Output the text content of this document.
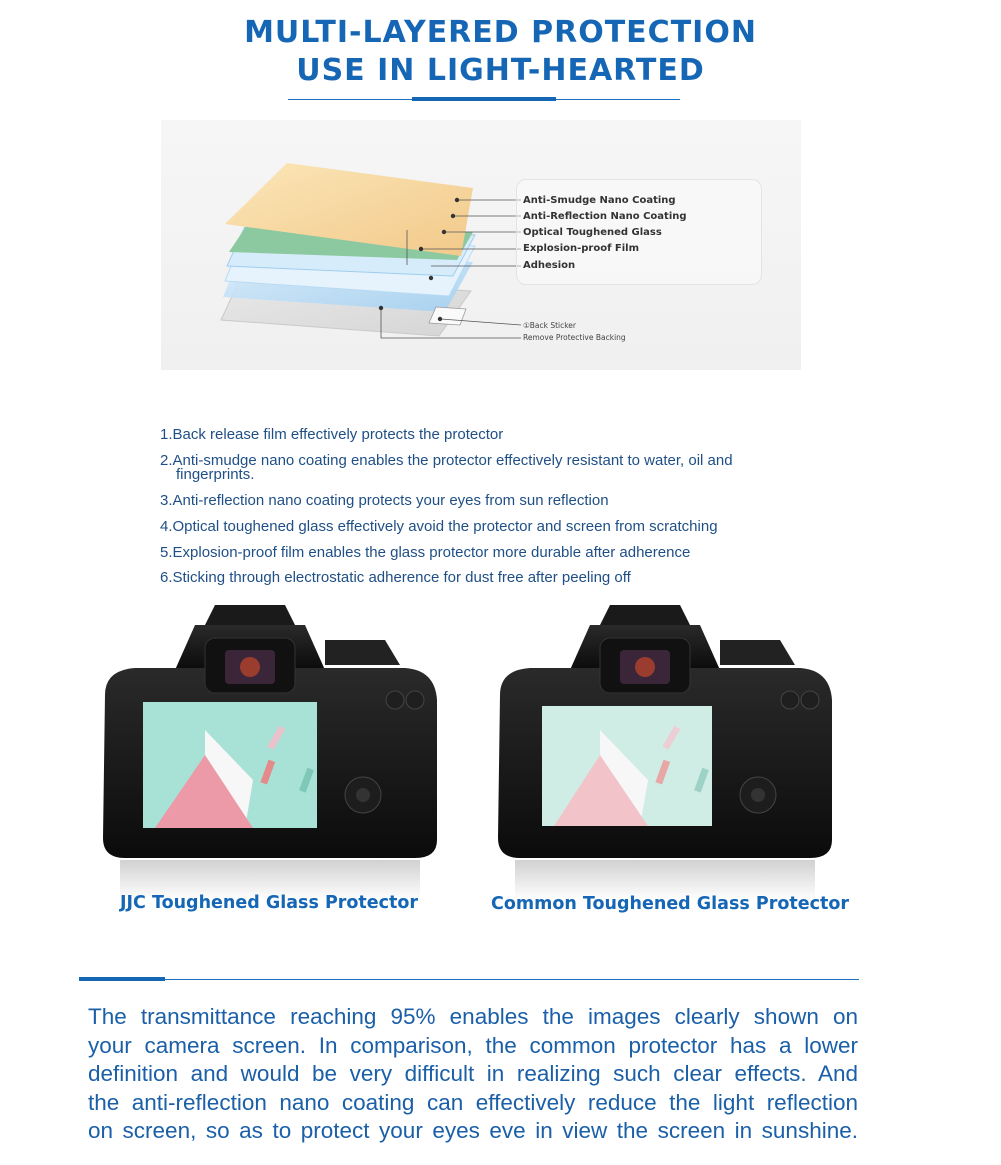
MULTI-LAYERED PROTECTION
USE IN LIGHT-HEARTED
Anti-Smudge Nano Coating
Anti-Reflection Nano Coating
Optical Toughened Glass
Explosion-proof Film
Adhesion
①Back Sticker
Remove Protective Backing
1.Back release film effectively protects the protector
2.Anti-smudge nano coating enables the protector effectively resistant to water, oil and
fingerprints.
3.Anti-reflection nano coating protects your eyes from sun reflection
4.Optical toughened glass effectively avoid the protector and screen from scratching
5.Explosion-proof film enables the glass protector more durable after adherence
6.Sticking through electrostatic adherence for dust free after peeling off
JJC Toughened Glass Protector	Common Toughened Glass Protector
The transmittance reaching 95% enables the images clearly shown on
your camera screen. In comparison, the common protector has a lower
definition and would be very difficult in realizing such clear effects. And
the anti-reflection nano coating can effectively reduce the light reflection
on screen, so as to protect your eyes eve in view the screen in sunshine.
